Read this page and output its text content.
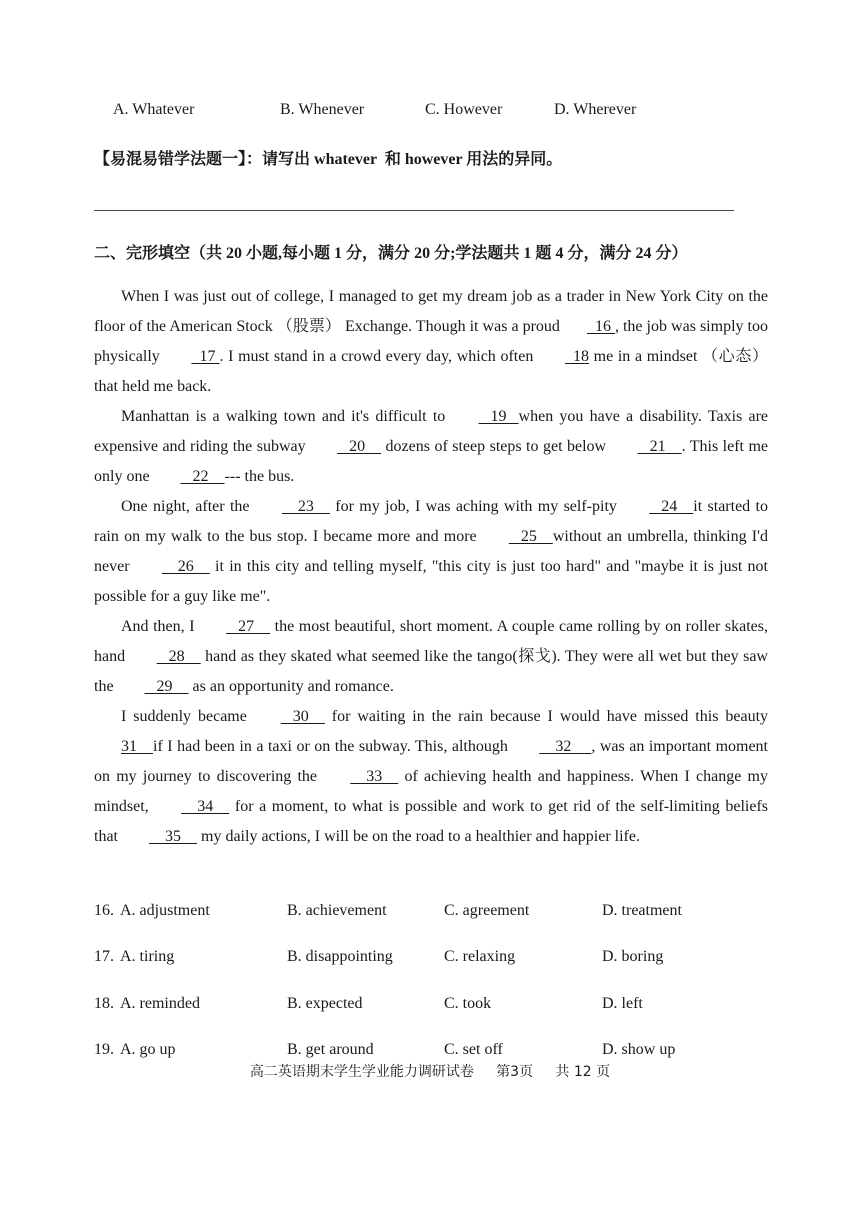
A. Whatever	B. Whenever	C. However	D. Wherever
【易混易错学法题一】：请写出 whatever  和 however 用法的异同。
二、完形填空（共 20 小题,每小题 1 分，满分 20 分;学法题共 1 题 4 分，满分 24 分）

When I was just out of college, I managed to get my dream job as a trader in New York City on the floor of the American Stock （股票） Exchange. Though it was a proud  16 , the job was simply too physically   17 . I must stand in a crowd every day, which often   18 me in a mindset （心态） that held me back.

Manhattan is a walking town and it's difficult to    19   when you have a disability. Taxis are expensive and riding the subway    20     dozens of steep steps to get below    21    . This left me only one    22    --- the bus.

One night, after the     23     for my job, I was aching with my self-pity    24    it started to rain on my walk to the bus stop. I became more and more    25    without an umbrella, thinking I'd never     26     it in this city and telling myself, "this city is just too hard" and "maybe it is just not possible for a guy like me".

And then, I    27     the most beautiful, short moment. A couple came rolling by on roller skates, hand    28     hand as they skated what seemed like the tango(探戈). They were all wet but they saw the    29     as an opportunity and romance.

I suddenly became    30     for waiting in the rain because I would have missed this beauty 31    if I had been in a taxi or on the subway. This, although     32     , was an important moment on my journey to discovering the     33     of achieving health and happiness. When I change my mindset,     34     for a moment, to what is possible and work to get rid of the self-limiting beliefs that     35     my daily actions, I will be on the road to a healthier and happier life.

16. A. adjustment	B. achievement	C. agreement	D. treatment
17. A. tiring	B. disappointing	C. relaxing	D. boring
18. A. reminded	B. expected	C. took	D. left
19. A. go up	B. get around	C. set off	D. show up
高二英语期末学生学业能力调研试卷 第3页 共 12 页
